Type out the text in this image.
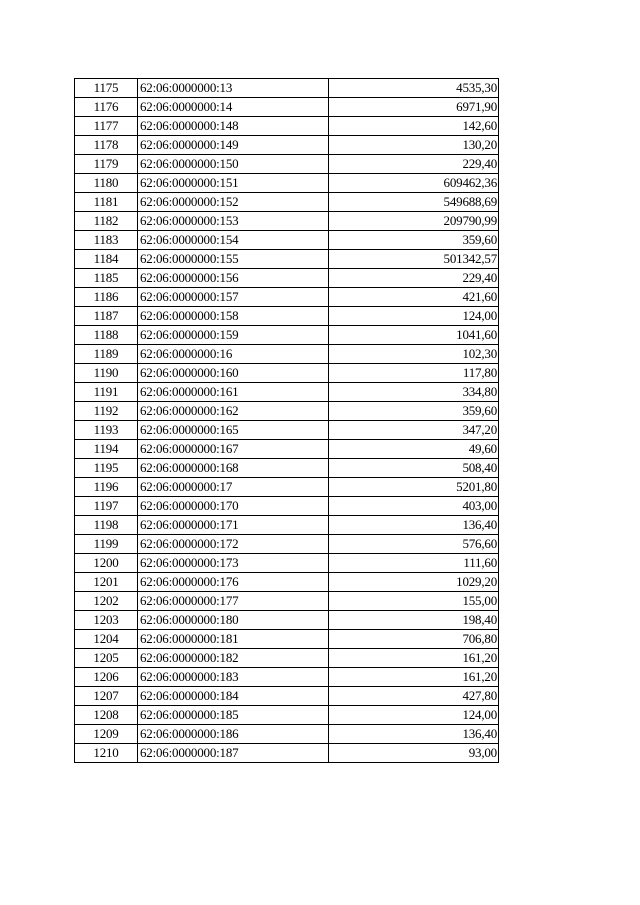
1175	62:06:0000000:13	4535,30
1176	62:06:0000000:14	6971,90
1177	62:06:0000000:148	142,60
1178	62:06:0000000:149	130,20
1179	62:06:0000000:150	229,40
1180	62:06:0000000:151	609462,36
1181	62:06:0000000:152	549688,69
1182	62:06:0000000:153	209790,99
1183	62:06:0000000:154	359,60
1184	62:06:0000000:155	501342,57
1185	62:06:0000000:156	229,40
1186	62:06:0000000:157	421,60
1187	62:06:0000000:158	124,00
1188	62:06:0000000:159	1041,60
1189	62:06:0000000:16	102,30
1190	62:06:0000000:160	117,80
1191	62:06:0000000:161	334,80
1192	62:06:0000000:162	359,60
1193	62:06:0000000:165	347,20
1194	62:06:0000000:167	49,60
1195	62:06:0000000:168	508,40
1196	62:06:0000000:17	5201,80
1197	62:06:0000000:170	403,00
1198	62:06:0000000:171	136,40
1199	62:06:0000000:172	576,60
1200	62:06:0000000:173	111,60
1201	62:06:0000000:176	1029,20
1202	62:06:0000000:177	155,00
1203	62:06:0000000:180	198,40
1204	62:06:0000000:181	706,80
1205	62:06:0000000:182	161,20
1206	62:06:0000000:183	161,20
1207	62:06:0000000:184	427,80
1208	62:06:0000000:185	124,00
1209	62:06:0000000:186	136,40
1210	62:06:0000000:187	93,00
